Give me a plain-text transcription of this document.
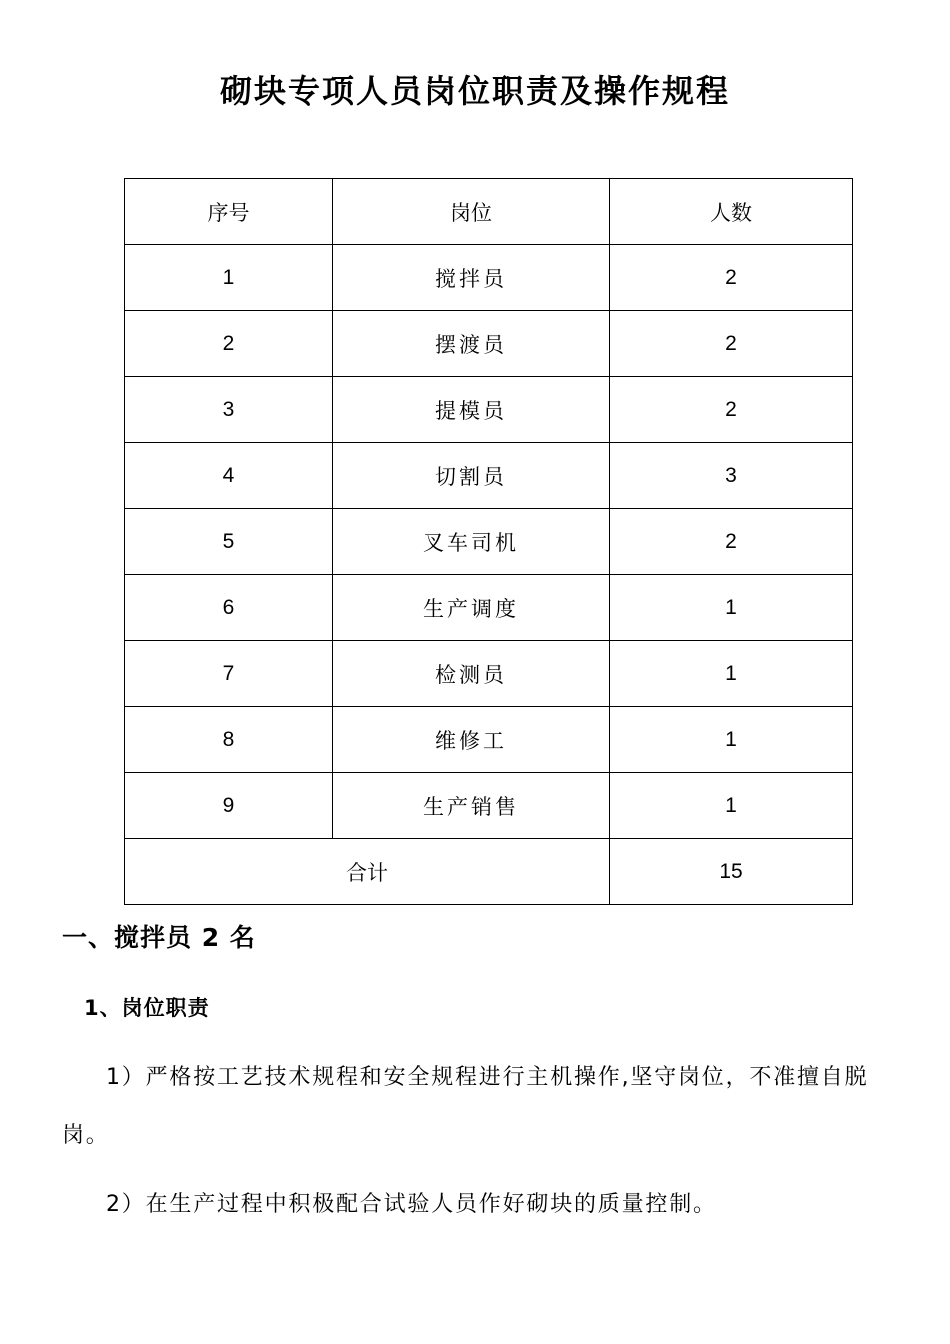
砌块专项人员岗位职责及操作规程
序号	岗位	人数
1	搅拌员	2
2	摆渡员	2
3	提模员	2
4	切割员	3
5	叉车司机	2
6	生产调度	1
7	检测员	1
8	维修工	1
9	生产销售	1
合计		15
一、搅拌员 2 名
1、岗位职责
1）严格按工艺技术规程和安全规程进行主机操作,坚守岗位，不准擅自脱岗。
2）在生产过程中积极配合试验人员作好砌块的质量控制。
